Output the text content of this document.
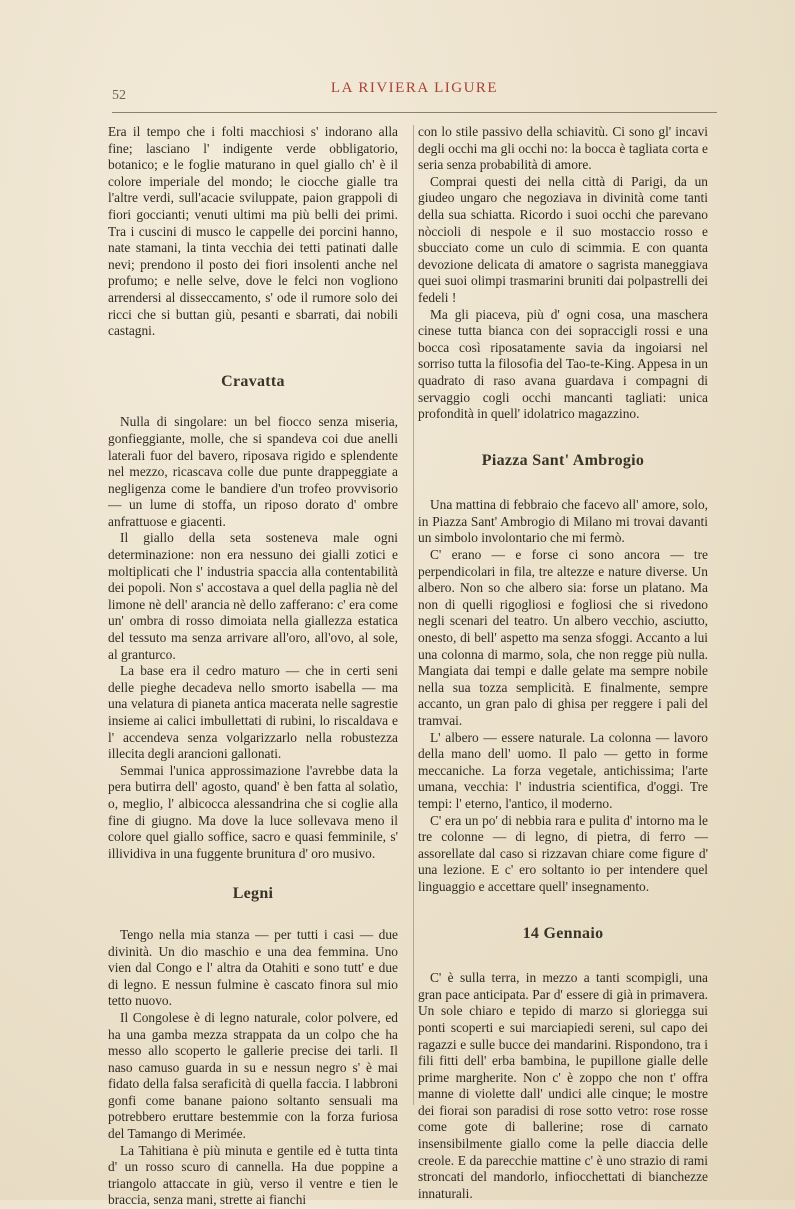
52	LA RIVIERA LIGURE

Era il tempo che i folti macchiosi s' indorano alla fine; lasciano l' indigente verde obbligatorio, botanico; e le foglie maturano in quel giallo ch' è il colore imperiale del mondo; le ciocche gialle tra l'altre verdi, sull'acacie sviluppate, paion grappoli di fiori goccianti; venuti ultimi ma più belli dei primi. Tra i cuscini di musco le cappelle dei porcini hanno, nate stamani, la tinta vecchia dei tetti patinati dalle nevi; prendono il posto dei fiori insolenti anche nel profumo; e nelle selve, dove le felci non vogliono arrendersi al disseccamento, s' ode il rumore solo dei ricci che si buttan giù, pesanti e sbarrati, dai nobili castagni.

Cravatta

Nulla di singolare: un bel fiocco senza miseria, gonfieggiante, molle, che si spandeva coi due anelli laterali fuor del bavero, riposava rigido e splendente nel mezzo, ricascava colle due punte drappeggiate a negligenza come le bandiere d'un trofeo provvisorio — un lume di stoffa, un riposo dorato d' ombre anfrattuose e giacenti.

Il giallo della seta sosteneva male ogni determinazione: non era nessuno dei gialli zotici e moltiplicati che l' industria spaccia alla contentabilità dei popoli. Non s' accostava a quel della paglia nè del limone nè dell' arancia nè dello zafferano: c' era come un' ombra di rosso dimoiata nella giallezza estatica del tessuto ma senza arrivare all'oro, all'ovo, al sole, al granturco.

La base era il cedro maturo — che in certi seni delle pieghe decadeva nello smorto isabella — ma una velatura di pianeta antica macerata nelle sagrestie insieme ai calici imbullettati di rubini, lo riscaldava e l' accendeva senza volgarizzarlo nella robustezza illecita degli arancioni gallonati.

Semmai l'unica approssimazione l'avrebbe data la pera butirra dell' agosto, quand' è ben fatta al solatìo, o, meglio, l' albicocca alessandrina che si coglie alla fine di giugno. Ma dove la luce sollevava meno il colore quel giallo soffice, sacro e quasi femminile, s' illividiva in una fuggente brunitura d' oro musivo.

Legni

Tengo nella mia stanza — per tutti i casi — due divinità. Un dio maschio e una dea femmina. Uno vien dal Congo e l' altra da Otahiti e sono tutt' e due di legno. E nessun fulmine è cascato finora sul mio tetto nuovo.

Il Congolese è di legno naturale, color polvere, ed ha una gamba mezza strappata da un colpo che ha messo allo scoperto le gallerie precise dei tarli. Il naso camuso guarda in su e nessun negro s' è mai fidato della falsa seraficità di quella faccia. I labbroni gonfi come banane paiono soltanto sensuali ma potrebbero eruttare bestemmie con la forza furiosa del Tamango di Merimée.

La Tahitiana è più minuta e gentile ed è tutta tinta d' un rosso scuro di cannella. Ha due poppine a triangolo attaccate in giù, verso il ventre e tien le braccia, senza mani, strette ai fianchi

con lo stile passivo della schiavitù. Ci sono gl' incavi degli occhi ma gli occhi no: la bocca è tagliata corta e seria senza probabilità di amore.

Comprai questi dei nella città di Parigi, da un giudeo ungaro che negoziava in divinità come tanti della sua schiatta. Ricordo i suoi occhi che parevano nòccioli di nespole e il suo mostaccio rosso e sbucciato come un culo di scimmia. E con quanta devozione delicata di amatore o sagrista maneggiava quei suoi olimpi trasmarini bruniti dai polpastrelli dei fedeli !

Ma gli piaceva, più d' ogni cosa, una maschera cinese tutta bianca con dei sopraccigli rossi e una bocca così riposatamente savia da ingoiarsi nel sorriso tutta la filosofia del Tao-te-King. Appesa in un quadrato di raso avana guardava i compagni di servaggio cogli occhi mancanti tagliati: unica profondità in quell' idolatrico magazzino.

Piazza Sant' Ambrogio

Una mattina di febbraio che facevo all' amore, solo, in Piazza Sant' Ambrogio di Milano mi trovai davanti un simbolo involontario che mi fermò.

C' erano — e forse ci sono ancora — tre perpendicolari in fila, tre altezze e nature diverse. Un albero. Non so che albero sia: forse un platano. Ma non di quelli rigogliosi e fogliosi che si rivedono negli scenari del teatro. Un albero vecchio, asciutto, onesto, di bell' aspetto ma senza sfoggi. Accanto a lui una colonna di marmo, sola, che non regge più nulla. Mangiata dai tempi e dalle gelate ma sempre nobile nella sua tozza semplicità. E finalmente, sempre accanto, un gran palo di ghisa per reggere i pali del tramvai.

L' albero — essere naturale. La colonna — lavoro della mano dell' uomo. Il palo — getto in forme meccaniche. La forza vegetale, antichissima; l'arte umana, vecchia: l' industria scientifica, d'oggi. Tre tempi: l' eterno, l'antico, il moderno.

C' era un po' di nebbia rara e pulita d' intorno ma le tre colonne — di legno, di pietra, di ferro — assorellate dal caso si rizzavan chiare come figure d' una lezione. E c' ero soltanto io per intendere quel linguaggio e accettare quell' insegnamento.

14 Gennaio

C' è sulla terra, in mezzo a tanti scompigli, una gran pace anticipata. Par d' essere di già in primavera. Un sole chiaro e tepido di marzo si gloriegga sui ponti scoperti e sui marciapiedi sereni, sul capo dei ragazzi e sulle bucce dei mandarini. Rispondono, tra i fili fitti dell' erba bambina, le pupillone gialle delle prime margherite. Non c' è zoppo che non t' offra manne di violette dall' undici alle cinque; le mostre dei fiorai son paradisi di rose sotto vetro: rose rosse come gote di ballerine; rose di carnato insensibilmente giallo come la pelle diaccia delle creole. E da parecchie mattine c' è uno strazio di rami stroncati del mandorlo, infiocchettati di bianchezze innaturali.
